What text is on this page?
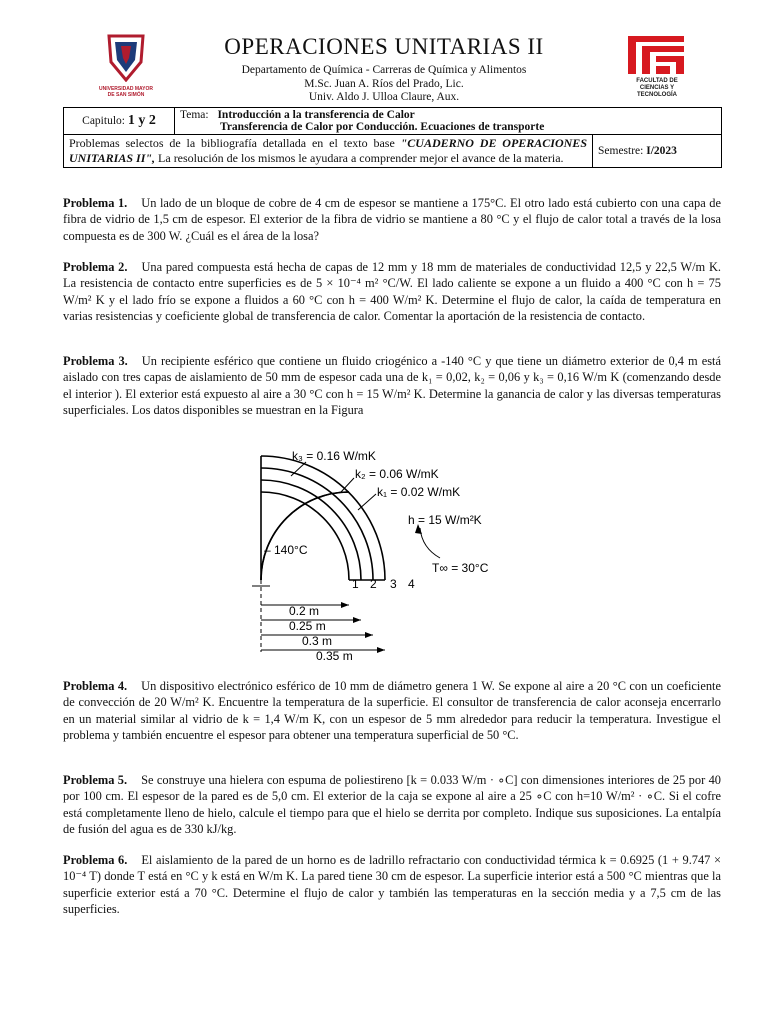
UNIVERSIDAD MAYOR DE SAN SIMÓN
FACULTAD DE CIENCIAS Y TECNOLOGÍA
OPERACIONES UNITARIAS II
Departamento de Química - Carreras de Química y Alimentos
M.Sc. Juan A. Ríos del Prado, Lic.
Univ. Aldo J. Ulloa Claure, Aux.
Capitulo: 1 y 2	Tema: Introducción a la transferencia de Calor
Transferencia de Calor por Conducción. Ecuaciones de transporte	
Problemas selectos de la bibliografía detallada en el texto base "CUADERNO DE OPERACIONES UNITARIAS II", La resolución de los mismos le ayudara a comprender mejor el avance de la materia.		Semestre: I/2023
Problema 1. Un lado de un bloque de cobre de 4 cm de espesor se mantiene a 175°C. El otro lado está cubierto con una capa de fibra de vidrio de 1,5 cm de espesor. El exterior de la fibra de vidrio se mantiene a 80 °C y el flujo de calor total a través de la losa compuesta es de 300 W. ¿Cuál es el área de la losa?
Problema 2. Una pared compuesta está hecha de capas de 12 mm y 18 mm de materiales de conductividad 12,5 y 22,5 W/m K. La resistencia de contacto entre superficies es de 5 × 10⁻⁴ m² °C/W. El lado caliente se expone a un fluido a 400 °C con h = 75 W/m² K y el lado frío se expone a fluidos a 60 °C con h = 400 W/m² K. Determine el flujo de calor, la caída de temperatura en varias resistencias y coeficiente global de transferencia de calor. Comentar la aportación de la resistencia de contacto.
Problema 3. Un recipiente esférico que contiene un fluido criogénico a -140 °C y que tiene un diámetro exterior de 0,4 m está aislado con tres capas de aislamiento de 50 mm de espesor cada una de k₁ = 0,02, k₂ = 0,06 y k₃ = 0,16 W/m K (comenzando desde el interior ). El exterior está expuesto al aire a 30 °C con h = 15 W/m² K. Determine la ganancia de calor y las diversas temperaturas superficiales. Los datos disponibles se muestran en la Figura
k₃ = 0.16 W/mK
k₂ = 0.06 W/mK
k₁ = 0.02 W/mK
h = 15 W/m²K
– 140°C
T∞ = 30°C
1 2 3 4
0.2 m
0.25 m
0.3 m
0.35 m
Problema 4. Un dispositivo electrónico esférico de 10 mm de diámetro genera 1 W. Se expone al aire a 20 °C con un coeficiente de convección de 20 W/m² K. Encuentre la temperatura de la superficie. El consultor de transferencia de calor aconseja encerrarlo en un material similar al vidrio de k = 1,4 W/m K, con un espesor de 5 mm alrededor para reducir la temperatura. Investigue el problema y también encuentre el espesor para obtener una temperatura superficial de 50 °C.
Problema 5. Se construye una hielera con espuma de poliestireno [k = 0.033 W/m · ∘C] con dimensiones interiores de 25 por 40 por 100 cm. El espesor de la pared es de 5,0 cm. El exterior de la caja se expone al aire a 25 ∘C con h=10 W/m² · ∘C. Si el cofre está completamente lleno de hielo, calcule el tiempo para que el hielo se derrita por completo. Indique sus suposiciones. La entalpía de fusión del agua es de 330 kJ/kg.
Problema 6. El aislamiento de la pared de un horno es de ladrillo refractario con conductividad térmica k = 0.6925 (1 + 9.747 × 10⁻⁴ T) donde T está en °C y k está en W/m K. La pared tiene 30 cm de espesor. La superficie interior está a 500 °C mientras que la superficie exterior está a 70 °C. Determine el flujo de calor y también las temperaturas en la sección media y a 7,5 cm de las superficies.
